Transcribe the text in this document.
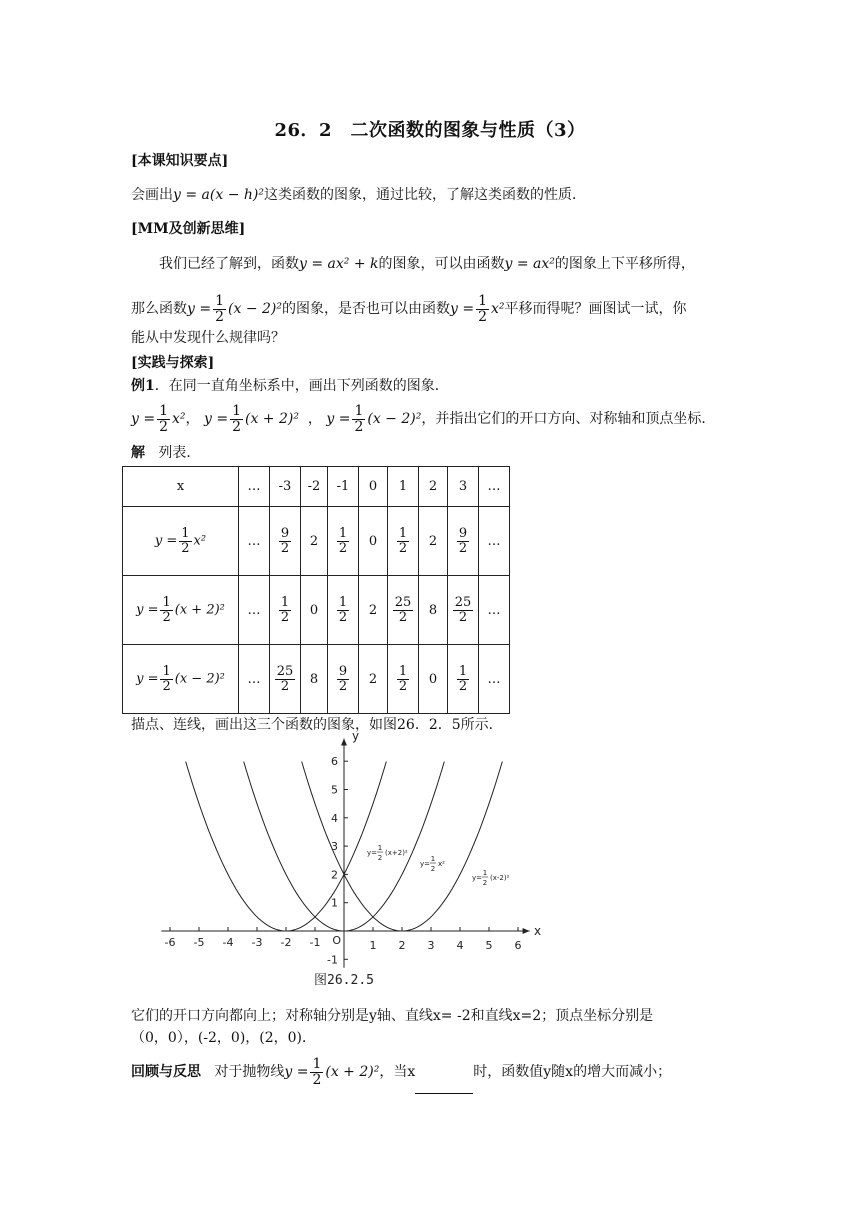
26．2　二次函数的图象与性质（3）
[本课知识要点]
会画出y = a(x − h)²这类函数的图象，通过比较，了解这类函数的性质．
[MM及创新思维]
我们已经了解到，函数y = ax² + k的图象，可以由函数y = ax²的图象上下平移所得，
那么函数$y = \frac{1}{2} (x - 2)^2$的图象，是否也可以由函数$y = \frac{1}{2} x^2$平移而得呢？画图试一试，你
能从中发现什么规律吗？
[实践与探索]
例1．在同一直角坐标系中，画出下列函数的图象．
$y = \frac{1}{2} x^2$， $y = \frac{1}{2} (x + 2)^2$ ， $y = \frac{1}{2} (x - 2)^2$，并指出它们的开口方向、对称轴和顶点坐标．
解 列表．
x	…	-3	-2	-1	0	1	2	3	…
$y = \frac{1}{2} x^2$	…	$\frac{9}{2}$	2	$\frac{1}{2}$	0	$\frac{1}{2}$	2	$\frac{9}{2}$	…
$y = \frac{1}{2} (x + 2)^2$	…	$\frac{1}{2}$	0	$\frac{1}{2}$	2	$\frac{25}{2}$	8	$\frac{25}{2}$	…
$y = \frac{1}{2} (x - 2)^2$	…	$\frac{25}{2}$	8	$\frac{9}{2}$	2	$\frac{1}{2}$	0	$\frac{1}{2}$	…
描点、连线，画出这三个函数的图象，如图26．2．5所示．
-6 -5 -4 -3 -2 -1	1 2 3 4 5 6
-1
1
2
3
4
5
6
x
y
O
y=
1
2
(x+2)²
y=
1
2
x²
y=
1
2
(x-2)²
图26.2.5
它们的开口方向都向上；对称轴分别是y轴、直线x= -2和直线x=2；顶点坐标分别是
（0，0），(-2，0)，(2，0)．
回顾与反思 对于抛物线$y = \frac{1}{2} (x + 2)^2$，当x	时，函数值y随x的增大而减小；
